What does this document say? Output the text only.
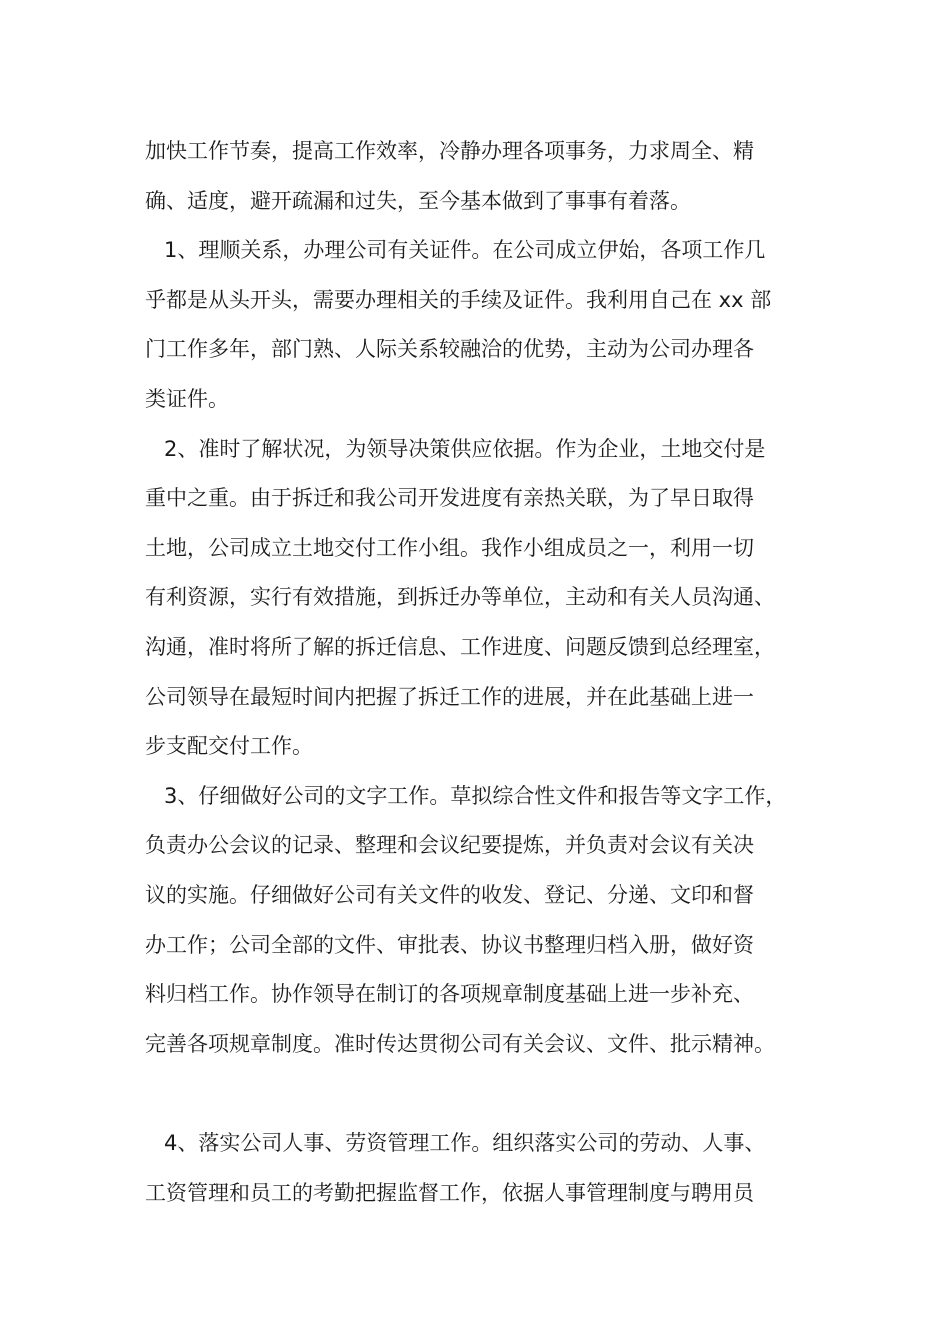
加快工作节奏，提高工作效率，冷静办理各项事务，力求周全、精
确、适度，避开疏漏和过失，至今基本做到了事事有着落。
1、理顺关系，办理公司有关证件。在公司成立伊始，各项工作几
乎都是从头开头，需要办理相关的手续及证件。我利用自己在 xx 部
门工作多年，部门熟、人际关系较融洽的优势，主动为公司办理各
类证件。
2、准时了解状况，为领导决策供应依据。作为企业，土地交付是
重中之重。由于拆迁和我公司开发进度有亲热关联，为了早日取得
土地，公司成立土地交付工作小组。我作小组成员之一，利用一切
有利资源，实行有效措施，到拆迁办等单位，主动和有关人员沟通、
沟通，准时将所了解的拆迁信息、工作进度、问题反馈到总经理室，
公司领导在最短时间内把握了拆迁工作的进展，并在此基础上进一
步支配交付工作。
3、仔细做好公司的文字工作。草拟综合性文件和报告等文字工作，
负责办公会议的记录、整理和会议纪要提炼，并负责对会议有关决
议的实施。仔细做好公司有关文件的收发、登记、分递、文印和督
办工作；公司全部的文件、审批表、协议书整理归档入册，做好资
料归档工作。协作领导在制订的各项规章制度基础上进一步补充、
完善各项规章制度。准时传达贯彻公司有关会议、文件、批示精神。
4、落实公司人事、劳资管理工作。组织落实公司的劳动、人事、
工资管理和员工的考勤把握监督工作，依据人事管理制度与聘用员
